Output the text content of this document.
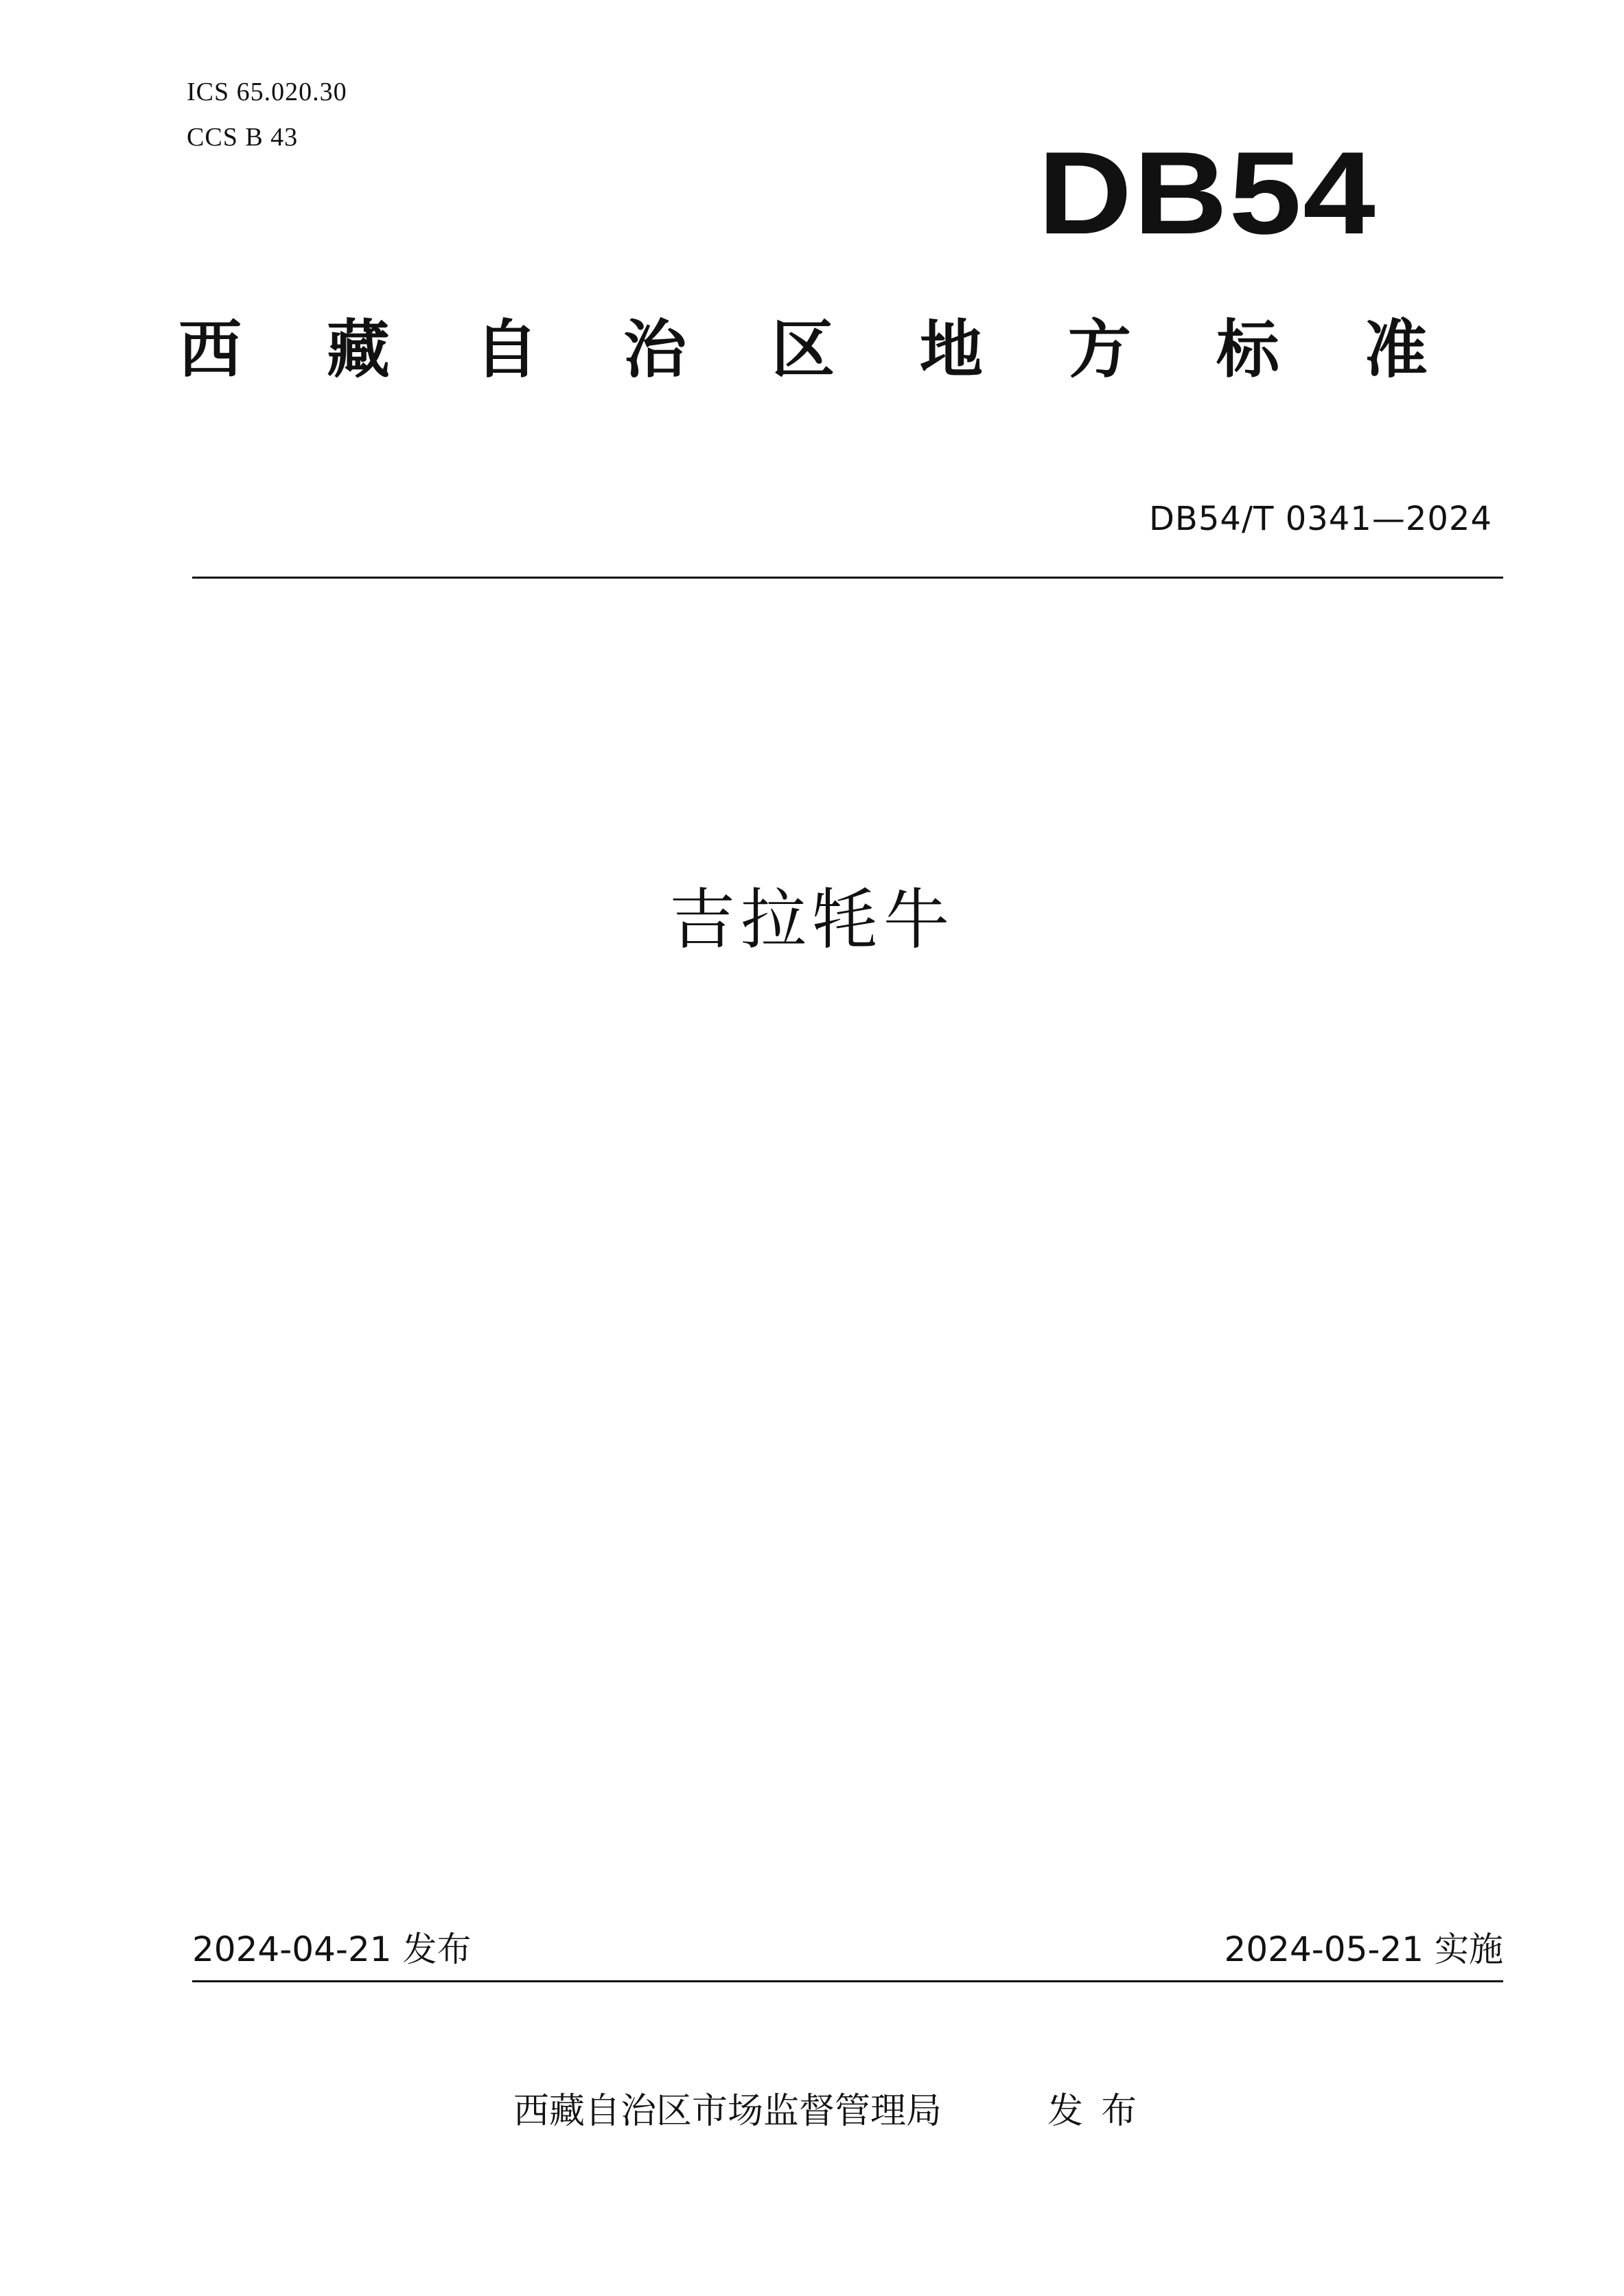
ICS 65.020.30
CCS B 43	DB54
西 藏 自 治 区 地 方 标 准
DB54/T 0341—2024
吉拉牦牛
2024-04-21 发布	2024-05-21 实施
西藏自治区市场监督管理局	发布
